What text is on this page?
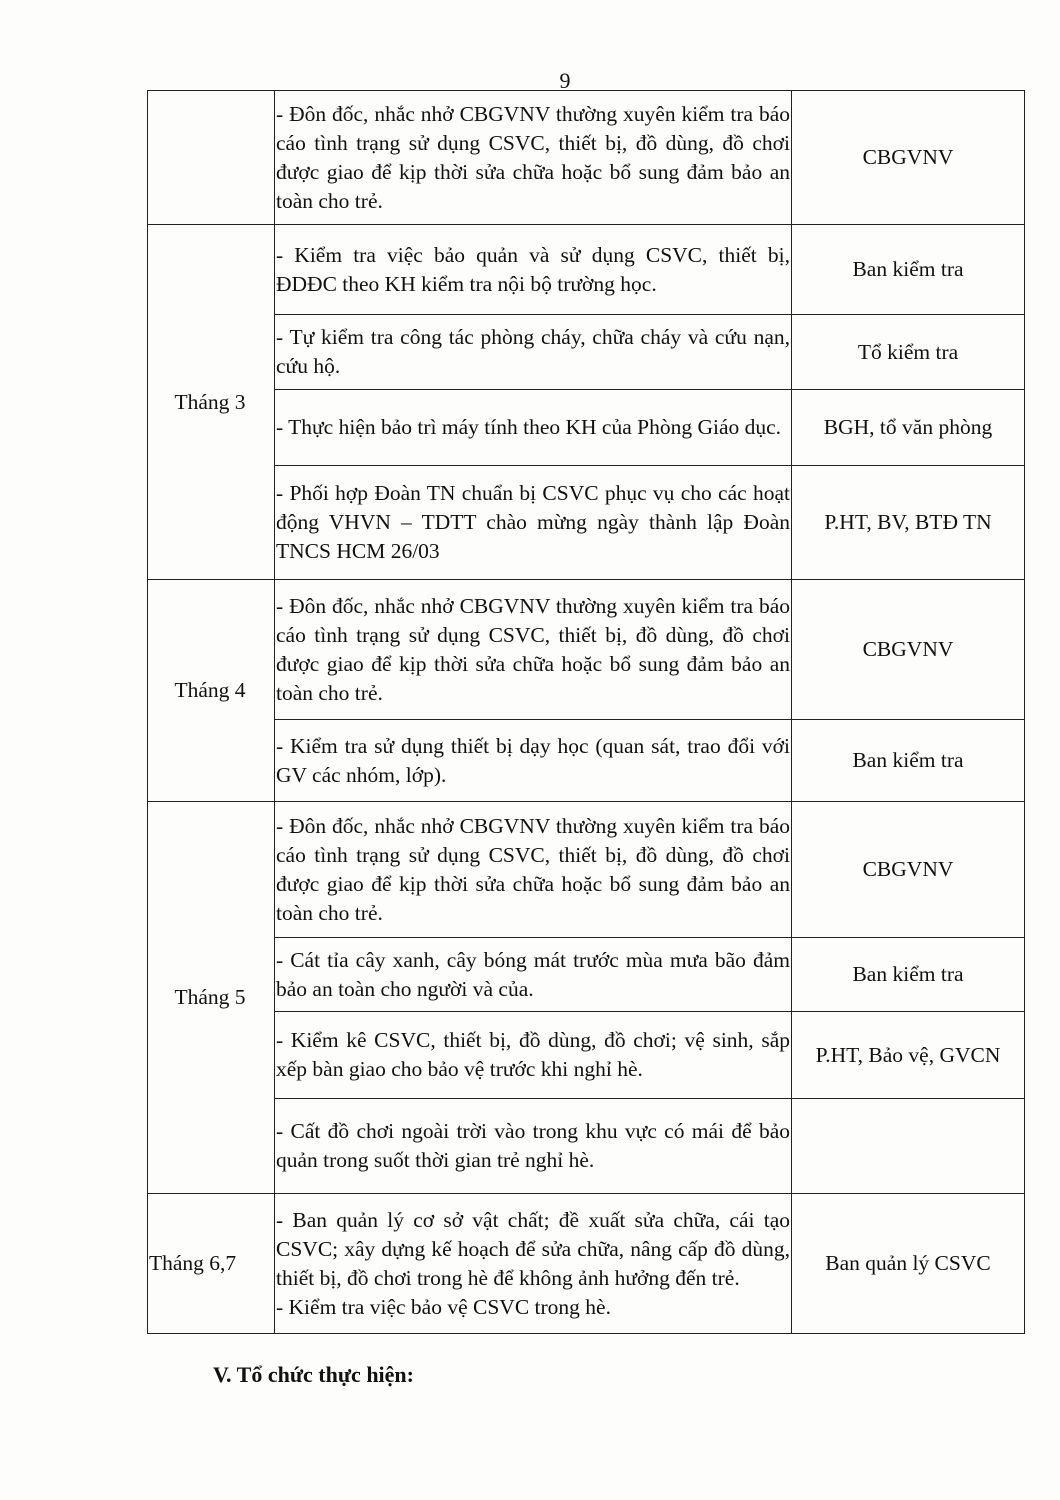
9

	- Đôn đốc, nhắc nhở CBGVNV thường xuyên kiểm tra báo cáo tình trạng sử dụng CSVC, thiết bị, đồ dùng, đồ chơi được giao để kịp thời sửa chữa hoặc bổ sung đảm bảo an toàn cho trẻ.	CBGVNV
Tháng 3	- Kiểm tra việc bảo quản và sử dụng CSVC, thiết bị, ĐDĐC theo KH kiểm tra nội bộ trường học.	Ban kiểm tra

	- Tự kiểm tra công tác phòng cháy, chữa cháy và cứu nạn, cứu hộ.	Tổ kiểm tra

	- Thực hiện bảo trì máy tính theo KH của Phòng Giáo dục.	BGH, tổ văn phòng

	- Phối hợp Đoàn TN chuẩn bị CSVC phục vụ cho các hoạt động VHVN – TDTT chào mừng ngày thành lập Đoàn TNCS HCM 26/03	P.HT, BV, BTĐ TN
Tháng 4	- Đôn đốc, nhắc nhở CBGVNV thường xuyên kiểm tra báo cáo tình trạng sử dụng CSVC, thiết bị, đồ dùng, đồ chơi được giao để kịp thời sửa chữa hoặc bổ sung đảm bảo an toàn cho trẻ.	CBGVNV

	- Kiểm tra sử dụng thiết bị dạy học (quan sát, trao đổi với GV các nhóm, lớp).	Ban kiểm tra
Tháng 5	- Đôn đốc, nhắc nhở CBGVNV thường xuyên kiểm tra báo cáo tình trạng sử dụng CSVC, thiết bị, đồ dùng, đồ chơi được giao để kịp thời sửa chữa hoặc bổ sung đảm bảo an toàn cho trẻ.	CBGVNV

	- Cát tỉa cây xanh, cây bóng mát trước mùa mưa bão đảm bảo an toàn cho người và của.	Ban kiểm tra

	- Kiểm kê CSVC, thiết bị, đồ dùng, đồ chơi; vệ sinh, sắp xếp bàn giao cho bảo vệ trước khi nghỉ hè.	P.HT, Bảo vệ, GVCN

	- Cất đồ chơi ngoài trời vào trong khu vực có mái để bảo quản trong suốt thời gian trẻ nghỉ hè.	

Tháng 6,7	- Ban quản lý cơ sở vật chất; đề xuất sửa chữa, cái tạo CSVC; xây dựng kế hoạch để sửa chữa, nâng cấp đồ dùng, thiết bị, đồ chơi trong hè để không ảnh hưởng đến trẻ.
- Kiểm tra việc bảo vệ CSVC trong hè.	Ban quản lý CSVC
V. Tổ chức thực hiện:
